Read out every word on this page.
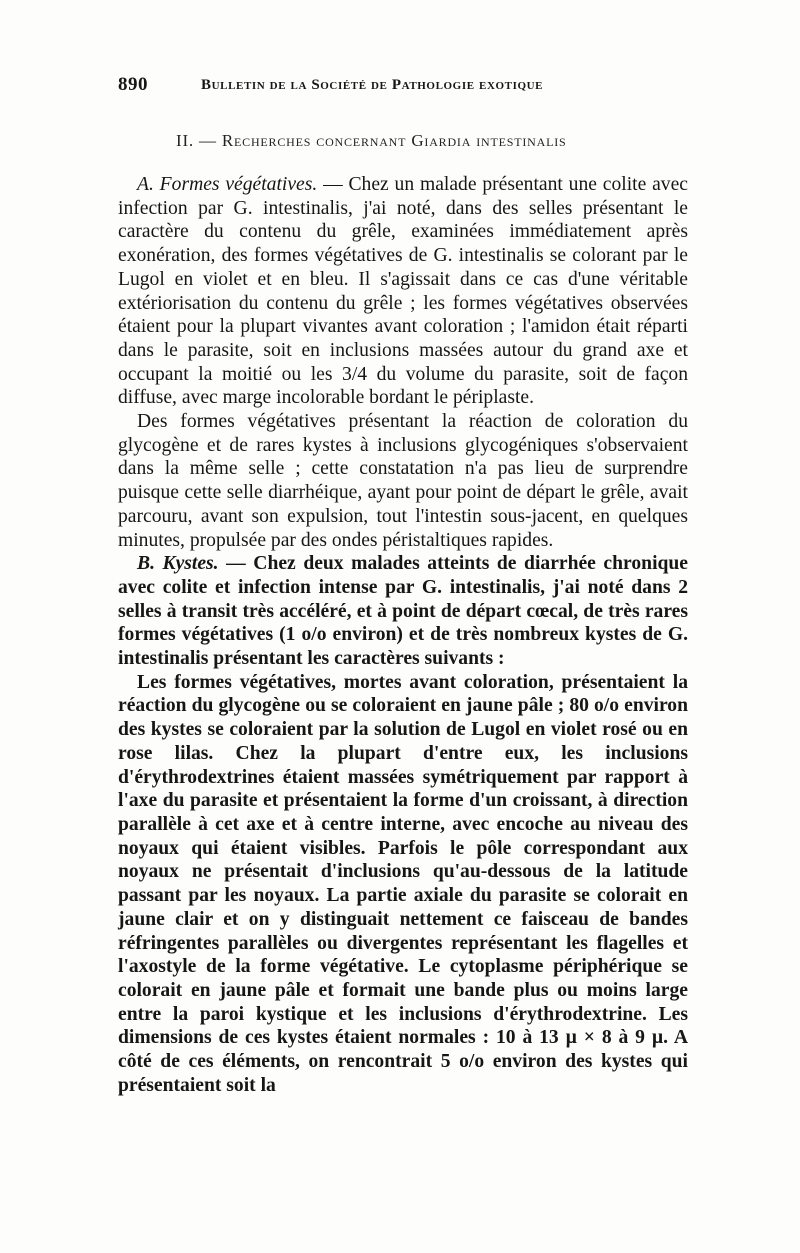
890	Bulletin de la Société de Pathologie exotique
II. — Recherches concernant Giardia intestinalis

A. Formes végétatives. — Chez un malade présentant une colite avec infection par G. intestinalis, j'ai noté, dans des selles présentant le caractère du contenu du grêle, examinées immédiatement après exonération, des formes végétatives de G. intestinalis se colorant par le Lugol en violet et en bleu. Il s'agissait dans ce cas d'une véritable extériorisation du contenu du grêle ; les formes végétatives observées étaient pour la plupart vivantes avant coloration ; l'amidon était réparti dans le parasite, soit en inclusions massées autour du grand axe et occupant la moitié ou les 3/4 du volume du parasite, soit de façon diffuse, avec marge incolorable bordant le périplaste.

Des formes végétatives présentant la réaction de coloration du glycogène et de rares kystes à inclusions glycogéniques s'observaient dans la même selle ; cette constatation n'a pas lieu de surprendre puisque cette selle diarrhéique, ayant pour point de départ le grêle, avait parcouru, avant son expulsion, tout l'intestin sous-jacent, en quelques minutes, propulsée par des ondes péristaltiques rapides.

B. Kystes. — Chez deux malades atteints de diarrhée chronique avec colite et infection intense par G. intestinalis, j'ai noté dans 2 selles à transit très accéléré, et à point de départ cœcal, de très rares formes végétatives (1 o/o environ) et de très nombreux kystes de G. intestinalis présentant les caractères suivants :

Les formes végétatives, mortes avant coloration, présentaient la réaction du glycogène ou se coloraient en jaune pâle ; 80 o/o environ des kystes se coloraient par la solution de Lugol en violet rosé ou en rose lilas. Chez la plupart d'entre eux, les inclusions d'érythrodextrines étaient massées symétriquement par rapport à l'axe du parasite et présentaient la forme d'un croissant, à direction parallèle à cet axe et à centre interne, avec encoche au niveau des noyaux qui étaient visibles. Parfois le pôle correspondant aux noyaux ne présentait d'inclusions qu'au-dessous de la latitude passant par les noyaux. La partie axiale du parasite se colorait en jaune clair et on y distinguait nettement ce faisceau de bandes réfringentes parallèles ou divergentes représentant les flagelles et l'axostyle de la forme végétative. Le cytoplasme périphérique se colorait en jaune pâle et formait une bande plus ou moins large entre la paroi kystique et les inclusions d'érythrodextrine. Les dimensions de ces kystes étaient normales : 10 à 13 µ × 8 à 9 µ. A côté de ces éléments, on rencontrait 5 o/o environ des kystes qui présentaient soit la
